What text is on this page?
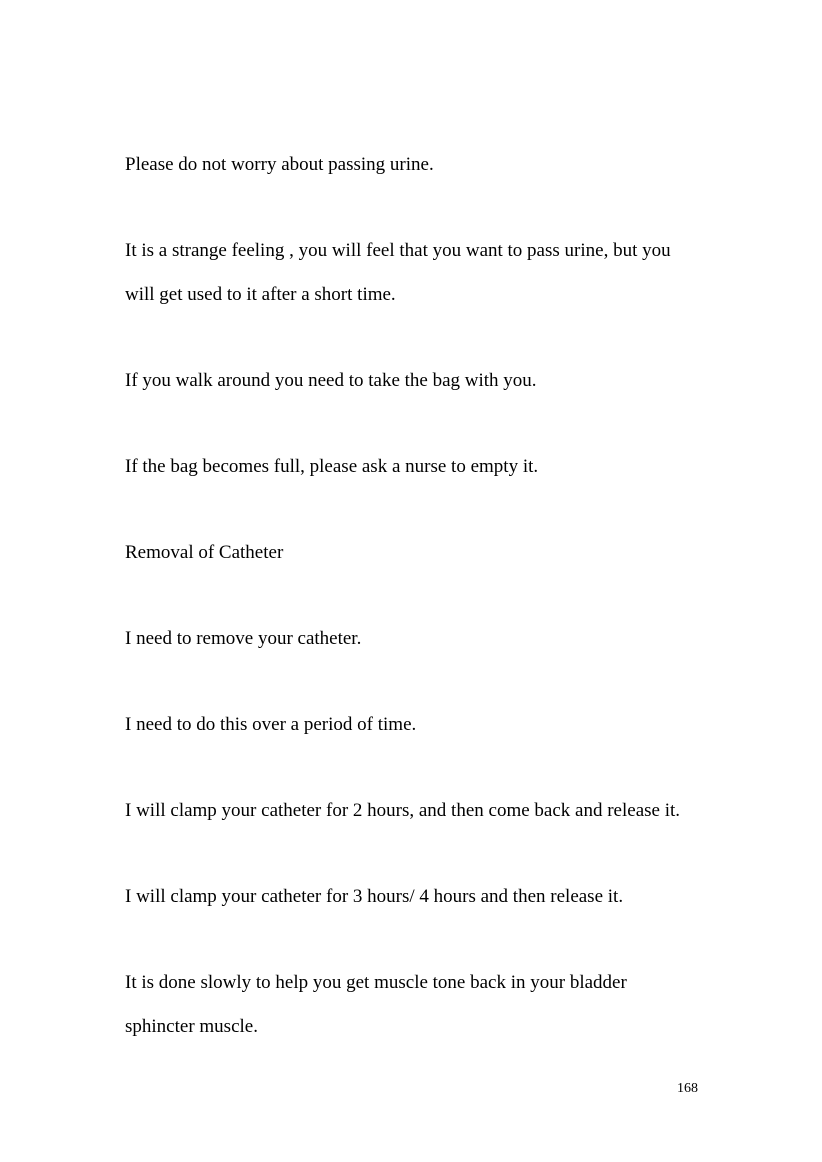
Please do not worry about passing urine.

It is a strange feeling , you will feel that you want to pass urine, but you

will get used to it after a short time.

If you walk around you need to take the bag with you.

If the bag becomes full, please ask a nurse to empty it.

Removal of Catheter

I need to remove your catheter.

I need to do this over a period of time.

I will clamp your catheter for 2 hours, and then come back and release it.

I will clamp your catheter for 3 hours/ 4 hours and then release it.

It is done slowly to help you get muscle tone back in your bladder

sphincter muscle.

168
